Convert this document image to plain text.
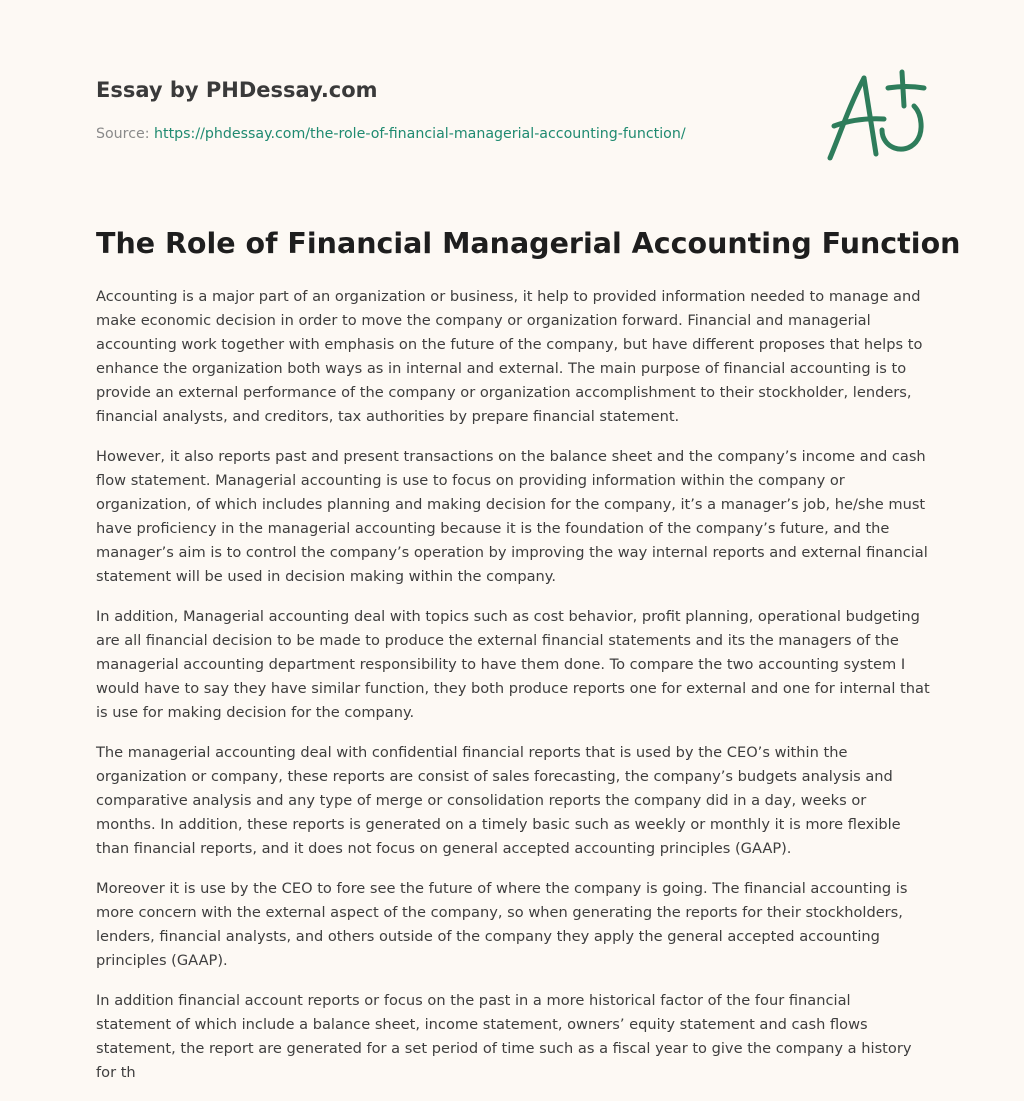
Essay by PHDessay.com
Source: https://phdessay.com/the-role-of-financial-managerial-accounting-function/
The Role of Financial Managerial Accounting Function

Accounting is a major part of an organization or business, it help to provided information needed to manage and make economic decision in order to move the company or organization forward. Financial and managerial accounting work together with emphasis on the future of the company, but have different proposes that helps to enhance the organization both ways as in internal and external. The main purpose of financial accounting is to provide an external performance of the company or organization accomplishment to their stockholder, lenders, financial analysts, and creditors, tax authorities by prepare financial statement.

However, it also reports past and present transactions on the balance sheet and the company’s income and cash flow statement. Managerial accounting is use to focus on providing information within the company or organization, of which includes planning and making decision for the company, it’s a manager’s job, he/she must have proficiency in the managerial accounting because it is the foundation of the company’s future, and the manager’s aim is to control the company’s operation by improving the way internal reports and external financial statement will be used in decision making within the company.

In addition, Managerial accounting deal with topics such as cost behavior, profit planning, operational budgeting are all financial decision to be made to produce the external financial statements and its the managers of the managerial accounting department responsibility to have them done. To compare the two accounting system I would have to say they have similar function, they both produce reports one for external and one for internal that is use for making decision for the company.

The managerial accounting deal with confidential financial reports that is used by the CEO’s within the organization or company, these reports are consist of sales forecasting, the company’s budgets analysis and comparative analysis and any type of merge or consolidation reports the company did in a day, weeks or months. In addition, these reports is generated on a timely basic such as weekly or monthly it is more flexible than financial reports, and it does not focus on general accepted accounting principles (GAAP).

Moreover it is use by the CEO to fore see the future of where the company is going. The financial accounting is more concern with the external aspect of the company, so when generating the reports for their stockholders, lenders, financial analysts, and others outside of the company they apply the general accepted accounting principles (GAAP).

In addition financial account reports or focus on the past in a more historical factor of the four financial statement of which include a balance sheet, income statement, owners’ equity statement and cash flows statement, the report are generated for a set period of time such as a fiscal year to give the company a history for th
